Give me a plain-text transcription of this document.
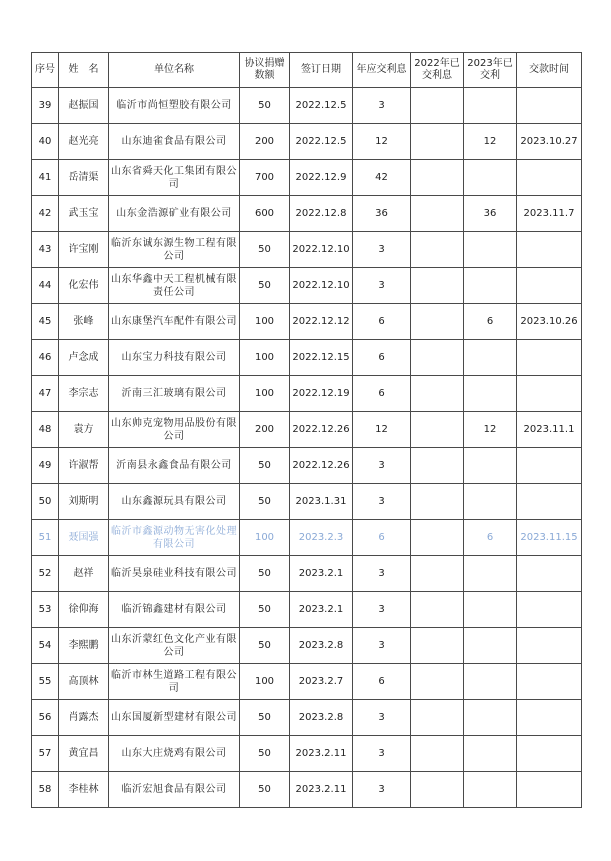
序号	姓　名	单位名称	协议捐赠数额	签订日期	年应交利息	2022年已交利息	2023年已交利	交款时间
39	赵振国	临沂市尚恒塑胶有限公司	50	2022.12.5	3			
40	赵光亮	山东迪雀食品有限公司	200	2022.12.5	12		12	2023.10.27
41	岳清渠	山东省舜天化工集团有限公司	700	2022.12.9	42			
42	武玉宝	山东金浩源矿业有限公司	600	2022.12.8	36		36	2023.11.7
43	许宝刚	临沂东诚东源生物工程有限公司	50	2022.12.10	3			
44	化宏伟	山东华鑫中天工程机械有限责任公司	50	2022.12.10	3			
45	张峰	山东康堡汽车配件有限公司	100	2022.12.12	6		6	2023.10.26
46	卢念成	山东宝力科技有限公司	100	2022.12.15	6			
47	李宗志	沂南三汇玻璃有限公司	100	2022.12.19	6			
48	袁方	山东帅克宠物用品股份有限公司	200	2022.12.26	12		12	2023.11.1
49	许淑帮	沂南县永鑫食品有限公司	50	2022.12.26	3			
50	刘斯明	山东鑫源玩具有限公司	50	2023.1.31	3			
51	聂国强	临沂市鑫源动物无害化处理有限公司	100	2023.2.3	6		6	2023.11.15
52	赵祥	临沂昊泉硅业科技有限公司	50	2023.2.1	3			
53	徐仰海	临沂锦鑫建材有限公司	50	2023.2.1	3			
54	李熙鹏	山东沂蒙红色文化产业有限公司	50	2023.2.8	3			
55	高顶林	临沂市林生道路工程有限公司	100	2023.2.7	6			
56	肖露杰	山东国厦新型建材有限公司	50	2023.2.8	3			
57	黄宜昌	山东大庄烧鸡有限公司	50	2023.2.11	3			
58	李桂林	临沂宏旭食品有限公司	50	2023.2.11	3			
